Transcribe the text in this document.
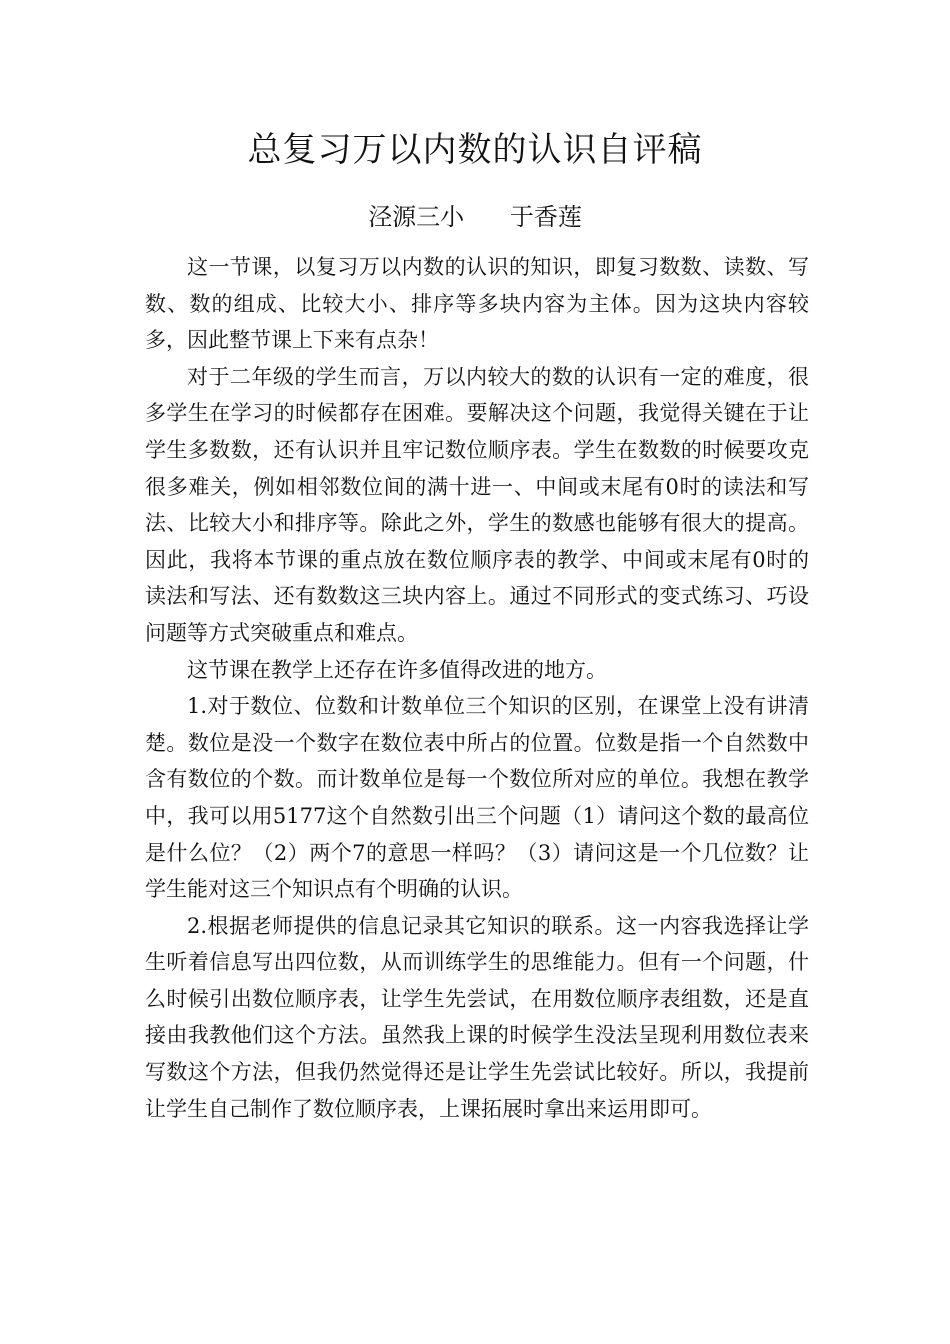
总复习万以内数的认识自评稿
泾源三小      于香莲

这一节课，以复习万以内数的认识的知识，即复习数数、读数、写数、数的组成、比较大小、排序等多块内容为主体。因为这块内容较多，因此整节课上下来有点杂！

对于二年级的学生而言，万以内较大的数的认识有一定的难度，很多学生在学习的时候都存在困难。要解决这个问题，我觉得关键在于让学生多数数，还有认识并且牢记数位顺序表。学生在数数的时候要攻克很多难关，例如相邻数位间的满十进一、中间或末尾有0时的读法和写法、比较大小和排序等。除此之外，学生的数感也能够有很大的提高。因此，我将本节课的重点放在数位顺序表的教学、中间或末尾有0时的读法和写法、还有数数这三块内容上。通过不同形式的变式练习、巧设问题等方式突破重点和难点。

这节课在教学上还存在许多值得改进的地方。

1.对于数位、位数和计数单位三个知识的区别，在课堂上没有讲清楚。数位是没一个数字在数位表中所占的位置。位数是指一个自然数中含有数位的个数。而计数单位是每一个数位所对应的单位。我想在教学中，我可以用5177这个自然数引出三个问题（1）请问这个数的最高位是什么位？（2）两个7的意思一样吗？（3）请问这是一个几位数？让学生能对这三个知识点有个明确的认识。

2.根据老师提供的信息记录其它知识的联系。这一内容我选择让学生听着信息写出四位数，从而训练学生的思维能力。但有一个问题，什么时候引出数位顺序表，让学生先尝试，在用数位顺序表组数，还是直接由我教他们这个方法。虽然我上课的时候学生没法呈现利用数位表来写数这个方法，但我仍然觉得还是让学生先尝试比较好。所以，我提前让学生自己制作了数位顺序表，上课拓展时拿出来运用即可。
